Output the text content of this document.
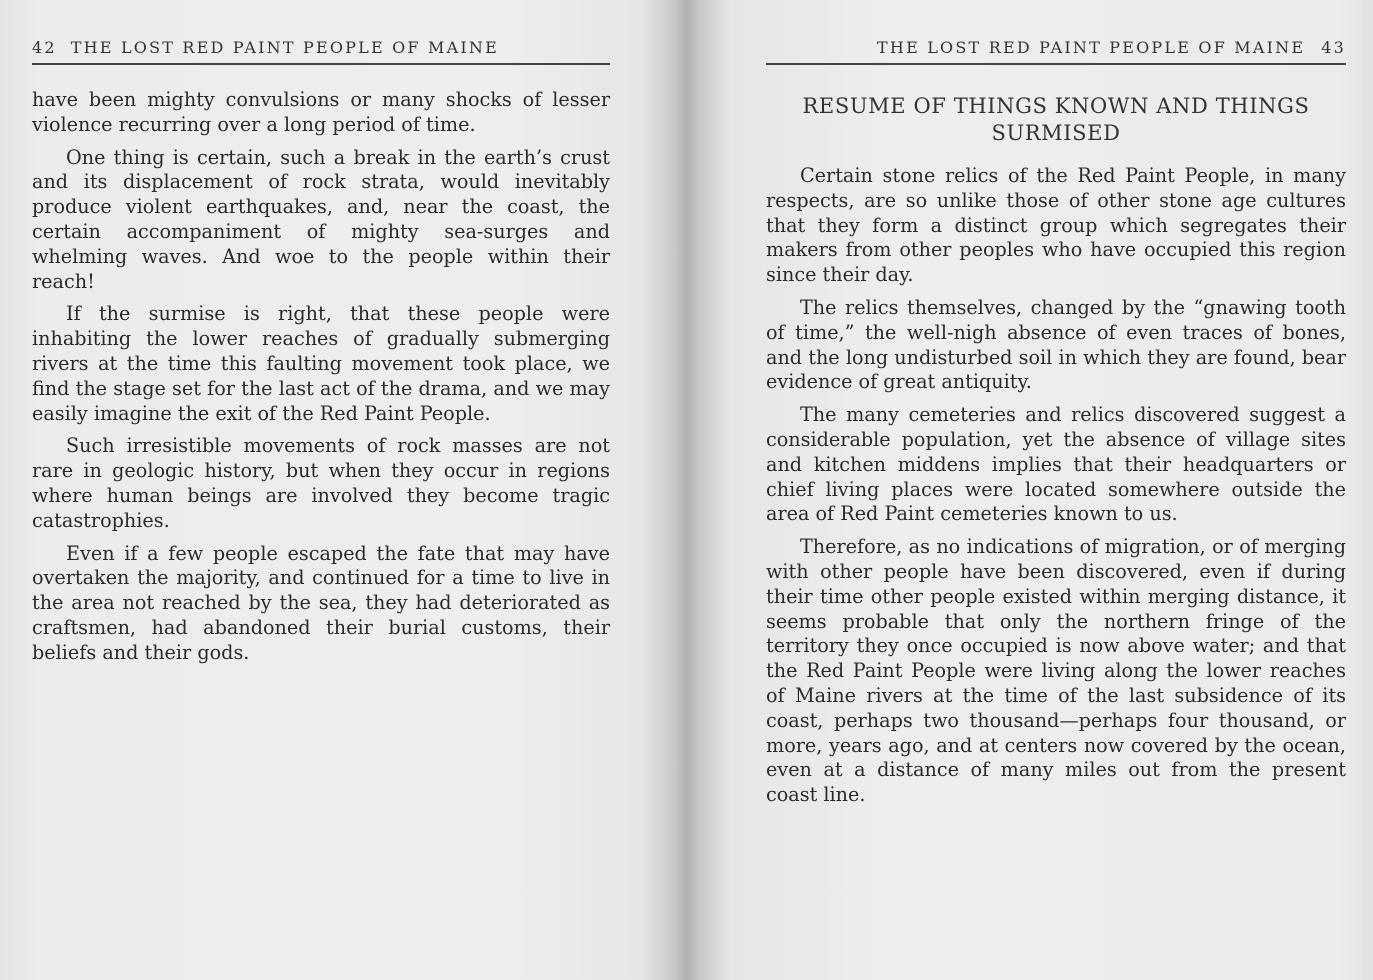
42 THE LOST RED PAINT PEOPLE OF MAINE

have been mighty convulsions or many shocks of lesser violence recurring over a long period of time.

One thing is certain, such a break in the earth’s crust and its displacement of rock strata, would inevitably produce violent earthquakes, and, near the coast, the certain accompaniment of mighty sea-surges and whelming waves. And woe to the people within their reach!

If the surmise is right, that these people were inhabiting the lower reaches of gradually submerging rivers at the time this faulting movement took place, we find the stage set for the last act of the drama, and we may easily imagine the exit of the Red Paint People.

Such irresistible movements of rock masses are not rare in geologic history, but when they occur in regions where human beings are involved they become tragic catastrophies.

Even if a few people escaped the fate that may have overtaken the majority, and continued for a time to live in the area not reached by the sea, they had deteriorated as craftsmen, had abandoned their burial customs, their beliefs and their gods.

THE LOST RED PAINT PEOPLE OF MAINE 43
RESUME OF THINGS KNOWN AND THINGS SURMISED

Certain stone relics of the Red Paint People, in many respects, are so unlike those of other stone age cultures that they form a distinct group which segregates their makers from other peoples who have occupied this region since their day.

The relics themselves, changed by the “gnawing tooth of time,” the well-nigh absence of even traces of bones, and the long undisturbed soil in which they are found, bear evidence of great antiquity.

The many cemeteries and relics discovered suggest a considerable population, yet the absence of village sites and kitchen middens implies that their headquarters or chief living places were located somewhere outside the area of Red Paint cemeteries known to us.

Therefore, as no indications of migration, or of merging with other people have been discovered, even if during their time other people existed within merging distance, it seems probable that only the northern fringe of the territory they once occupied is now above water; and that the Red Paint People were living along the lower reaches of Maine rivers at the time of the last subsidence of its coast, perhaps two thousand—perhaps four thousand, or more, years ago, and at centers now covered by the ocean, even at a distance of many miles out from the present coast line.
